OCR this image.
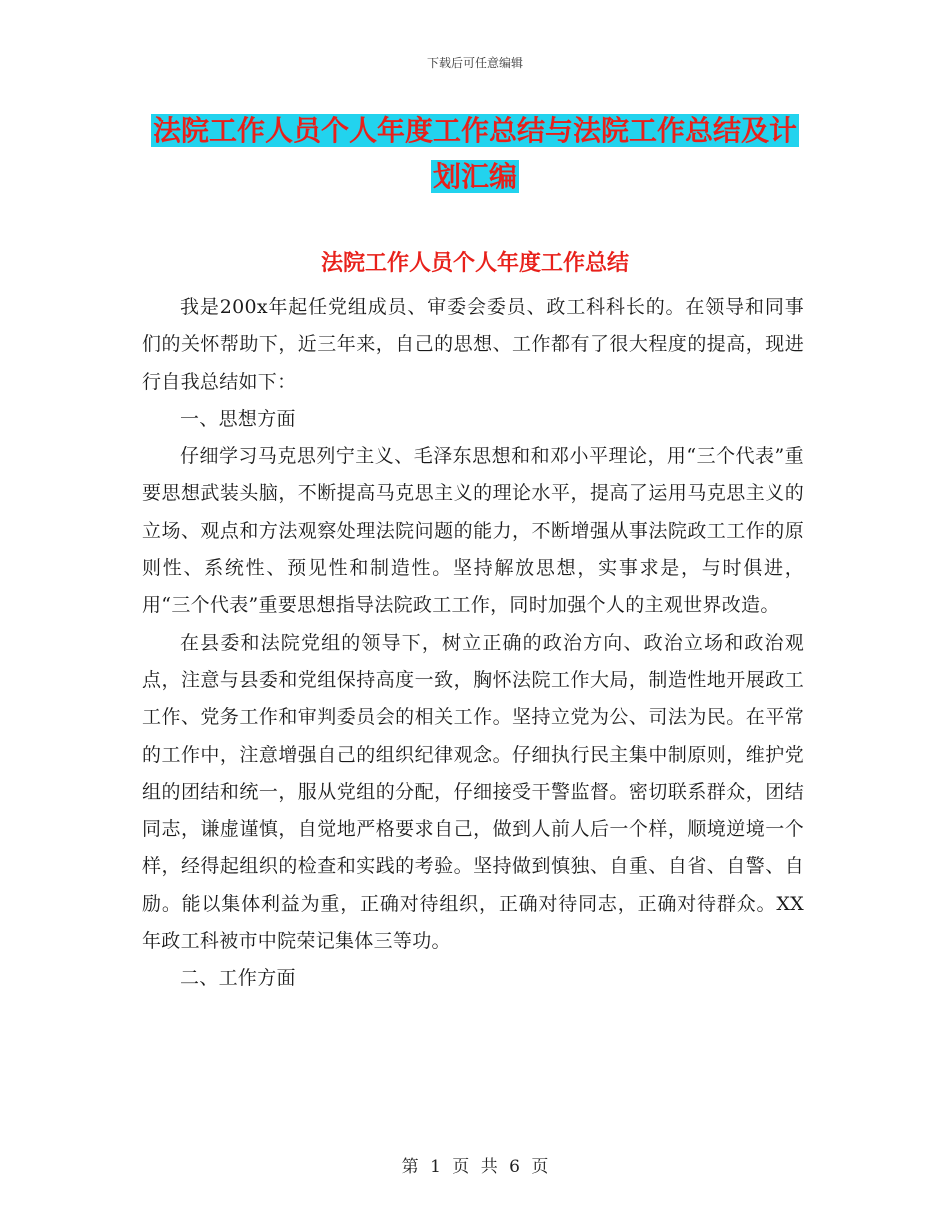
下载后可任意编辑
法院工作人员个人年度工作总结与法院工作总结及计
划汇编
法院工作人员个人年度工作总结

我是200x年起任党组成员、审委会委员、政工科科长的。在领导和同事们的关怀帮助下，近三年来，自己的思想、工作都有了很大程度的提高，现进行自我总结如下：

一、思想方面

仔细学习马克思列宁主义、毛泽东思想和和邓小平理论，用“三个代表”重要思想武装头脑，不断提高马克思主义的理论水平，提高了运用马克思主义的立场、观点和方法观察处理法院问题的能力，不断增强从事法院政工工作的原则性、系统性、预见性和制造性。坚持解放思想，实事求是，与时俱进，用“三个代表”重要思想指导法院政工工作，同时加强个人的主观世界改造。

在县委和法院党组的领导下，树立正确的政治方向、政治立场和政治观点，注意与县委和党组保持高度一致，胸怀法院工作大局，制造性地开展政工工作、党务工作和审判委员会的相关工作。坚持立党为公、司法为民。在平常的工作中，注意增强自己的组织纪律观念。仔细执行民主集中制原则，维护党组的团结和统一，服从党组的分配，仔细接受干警监督。密切联系群众，团结同志，谦虚谨慎，自觉地严格要求自己，做到人前人后一个样，顺境逆境一个样，经得起组织的检查和实践的考验。坚持做到慎独、自重、自省、自警、自励。能以集体利益为重，正确对待组织，正确对待同志，正确对待群众。XX年政工科被市中院荣记集体三等功。

二、工作方面

第 1 页 共 6 页
